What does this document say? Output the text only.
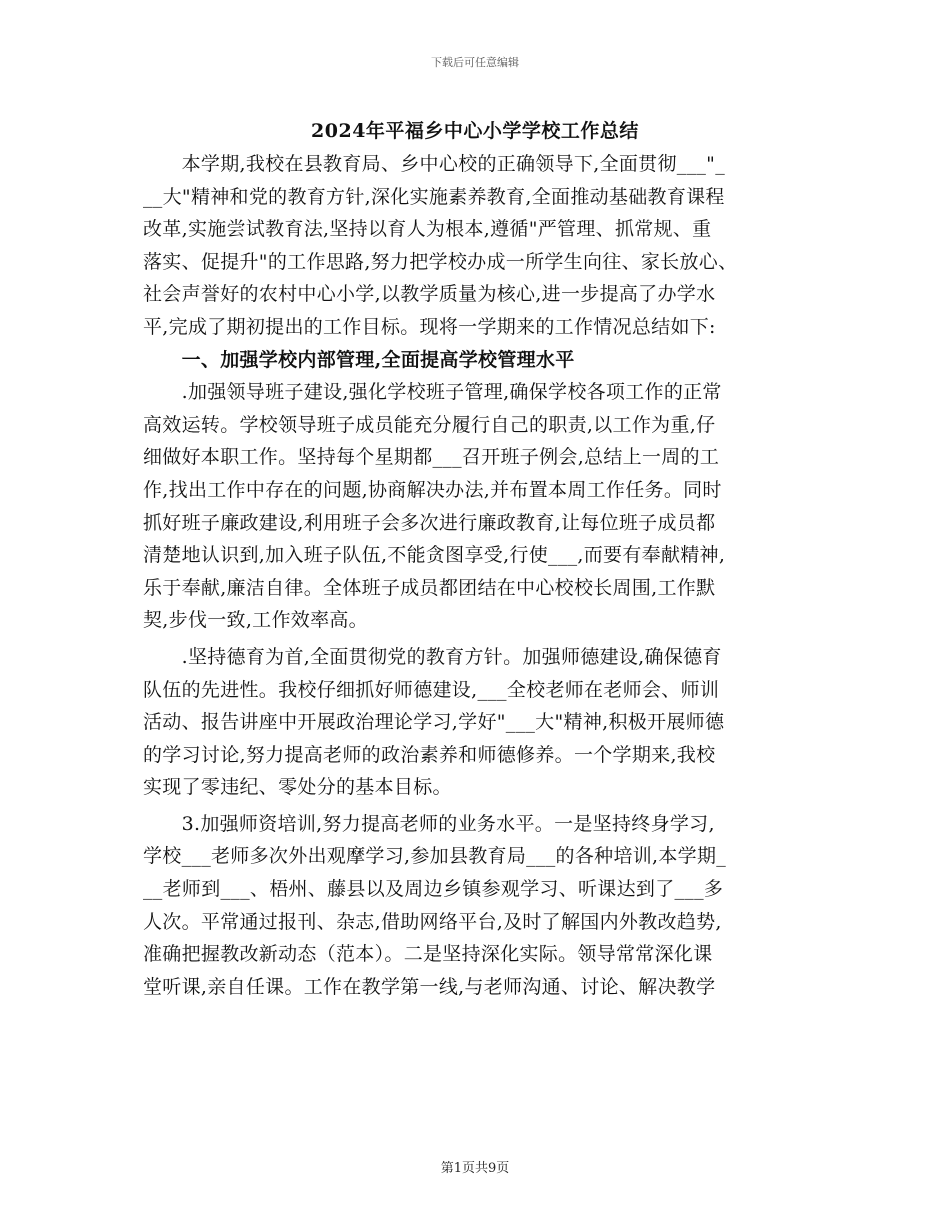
下载后可任意编辑
2024年平福乡中心小学学校工作总结
　　本学期,我校在县教育局、乡中心校的正确领导下,全面贯彻___"_
__大"精神和党的教育方针,深化实施素养教育,全面推动基础教育课程
改革,实施尝试教育法,坚持以育人为根本,遵循"严管理、抓常规、重
落实、促提升"的工作思路,努力把学校办成一所学生向往、家长放心、
社会声誉好的农村中心小学,以教学质量为核心,进一步提高了办学水
平,完成了期初提出的工作目标。现将一学期来的工作情况总结如下:
　　一、加强学校内部管理,全面提高学校管理水平
　　.加强领导班子建设,强化学校班子管理,确保学校各项工作的正常
高效运转。学校领导班子成员能充分履行自己的职责,以工作为重,仔
细做好本职工作。坚持每个星期都___召开班子例会,总结上一周的工
作,找出工作中存在的问题,协商解决办法,并布置本周工作任务。同时
抓好班子廉政建设,利用班子会多次进行廉政教育,让每位班子成员都
清楚地认识到,加入班子队伍,不能贪图享受,行使___,而要有奉献精神,
乐于奉献,廉洁自律。全体班子成员都团结在中心校校长周围,工作默
契,步伐一致,工作效率高。
　　.坚持德育为首,全面贯彻党的教育方针。加强师德建设,确保德育
队伍的先进性。我校仔细抓好师德建设,___全校老师在老师会、师训
活动、报告讲座中开展政治理论学习,学好"___大"精神,积极开展师德
的学习讨论,努力提高老师的政治素养和师德修养。一个学期来,我校
实现了零违纪、零处分的基本目标。
　　3.加强师资培训,努力提高老师的业务水平。一是坚持终身学习,
学校___老师多次外出观摩学习,参加县教育局___的各种培训,本学期_
__老师到___、梧州、藤县以及周边乡镇参观学习、听课达到了___多
人次。平常通过报刊、杂志,借助网络平台,及时了解国内外教改趋势,
准确把握教改新动态（范本）。二是坚持深化实际。领导常常深化课
堂听课,亲自任课。工作在教学第一线,与老师沟通、讨论、解决教学
第1页共9页
